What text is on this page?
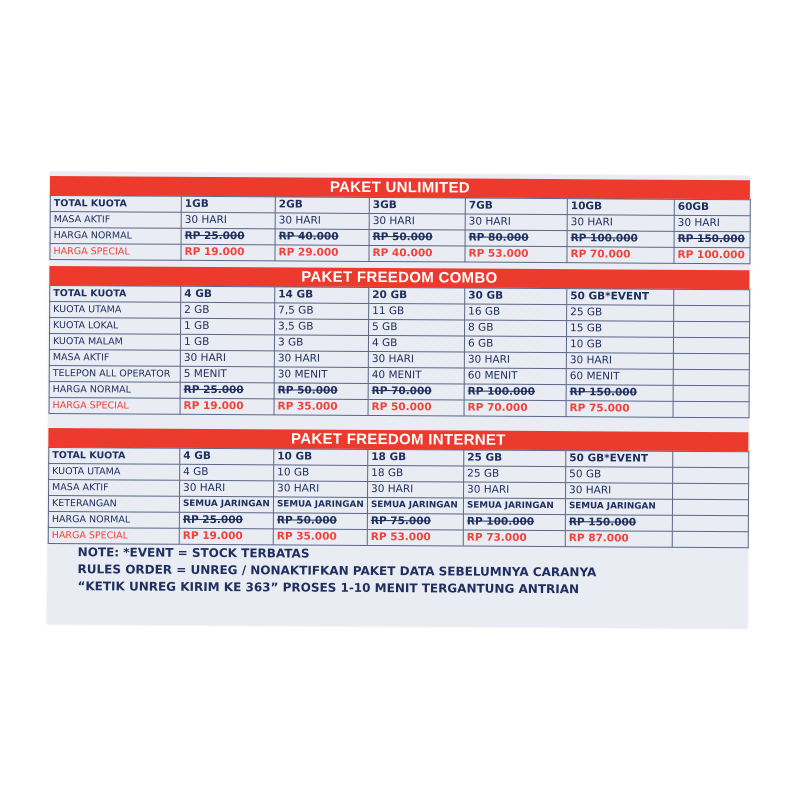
PAKET UNLIMITED
TOTAL KUOTA	1GB	2GB	3GB	7GB	10GB	60GB
MASA AKTIF	30 HARI	30 HARI	30 HARI	30 HARI	30 HARI	30 HARI
HARGA NORMAL	RP 25.000	RP 40.000	RP 50.000	RP 80.000	RP 100.000	RP 150.000
HARGA SPECIAL	RP 19.000	RP 29.000	RP 40.000	RP 53.000	RP 70.000	RP 100.000
PAKET FREEDOM COMBO
TOTAL KUOTA	4 GB	14 GB	20 GB	30 GB	50 GB*EVENT	
KUOTA UTAMA	2 GB	7,5 GB	11 GB	16 GB	25 GB	
KUOTA LOKAL	1 GB	3,5 GB	5 GB	8 GB	15 GB	
KUOTA MALAM	1 GB	3 GB	4 GB	6 GB	10 GB	
MASA AKTIF	30 HARI	30 HARI	30 HARI	30 HARI	30 HARI	
TELEPON ALL OPERATOR	5 MENIT	30 MENIT	40 MENIT	60 MENIT	60 MENIT	
HARGA NORMAL	RP 25.000	RP 50.000	RP 70.000	RP 100.000	RP 150.000	
HARGA SPECIAL	RP 19.000	RP 35.000	RP 50.000	RP 70.000	RP 75.000	
PAKET FREEDOM INTERNET
TOTAL KUOTA	4 GB	10 GB	18 GB	25 GB	50 GB*EVENT	
KUOTA UTAMA	4 GB	10 GB	18 GB	25 GB	50 GB	
MASA AKTIF	30 HARI	30 HARI	30 HARI	30 HARI	30 HARI	
KETERANGAN	SEMUA JARINGAN	SEMUA JARINGAN	SEMUA JARINGAN	SEMUA JARINGAN	SEMUA JARINGAN	
HARGA NORMAL	RP 25.000	RP 50.000	RP 75.000	RP 100.000	RP 150.000	
HARGA SPECIAL	RP 19.000	RP 35.000	RP 53.000	RP 73.000	RP 87.000	
NOTE: *EVENT = STOCK TERBATAS
RULES ORDER = UNREG / NONAKTIFKAN PAKET DATA SEBELUMNYA CARANYA
“KETIK UNREG KIRIM KE 363” PROSES 1-10 MENIT TERGANTUNG ANTRIAN
